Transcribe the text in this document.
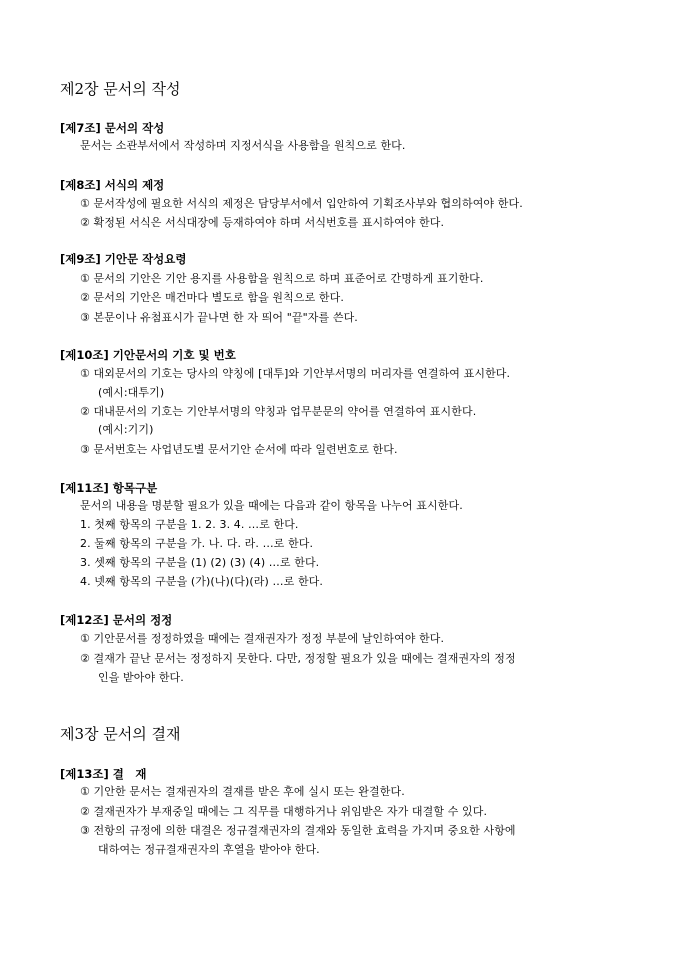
제2장 문서의 작성
[제7조] 문서의 작성
문서는 소관부서에서 작성하며 지정서식을 사용함을 원칙으로 한다.
[제8조] 서식의 제정
① 문서작성에 필요한 서식의 제정은 담당부서에서 입안하여 기획조사부와 협의하여야 한다.
② 확정된 서식은 서식대장에 등재하여야 하며 서식번호를 표시하여야 한다.
[제9조] 기안문 작성요령
① 문서의 기안은 기안 용지를 사용함을 원칙으로 하며 표준어로 간명하게 표기한다.
② 문서의 기안은 매건마다 별도로 함을 원칙으로 한다.
③ 본문이나 유첨표시가 끝나면 한 자 띄어 "끝"자를 쓴다.
[제10조] 기안문서의 기호 및 번호
① 대외문서의 기호는 당사의 약칭에 [대투]와 기안부서명의 머리자를 연결하여 표시한다.
(예시:대투기)
② 대내문서의 기호는 기안부서명의 약칭과 업무분문의 약어를 연결하여 표시한다.
(예시:기기)
③ 문서번호는 사업년도별 문서기안 순서에 따라 일련번호로 한다.
[제11조] 항목구분
문서의 내용을 명분할 필요가 있을 때에는 다음과 같이 항목을 나누어 표시한다.
1. 첫째 항목의 구분을 1. 2. 3. 4. …로 한다.
2. 둘째 항목의 구분을 가. 나. 다. 라. …로 한다.
3. 셋째 항목의 구분을 (1) (2) (3) (4) …로 한다.
4. 넷째 항목의 구분을 (가)(나)(다)(라) …로 한다.
[제12조] 문서의 정정
① 기안문서를 정정하였을 때에는 결재권자가 정정 부분에 날인하여야 한다.
② 결재가 끝난 문서는 정정하지 못한다. 다만, 정정할 필요가 있을 때에는 결재권자의 정정
인을 받아야 한다.
제3장 문서의 결재
[제13조] 결　재
① 기안한 문서는 결재권자의 결재를 받은 후에 실시 또는 완결한다.
② 결재권자가 부재중일 때에는 그 직무를 대행하거나 위임받은 자가 대결할 수 있다.
③ 전항의 규정에 의한 대결은 정규결재권자의 결재와 동일한 효력을 가지며 중요한 사항에
대하여는 정규결재권자의 후열을 받아야 한다.
